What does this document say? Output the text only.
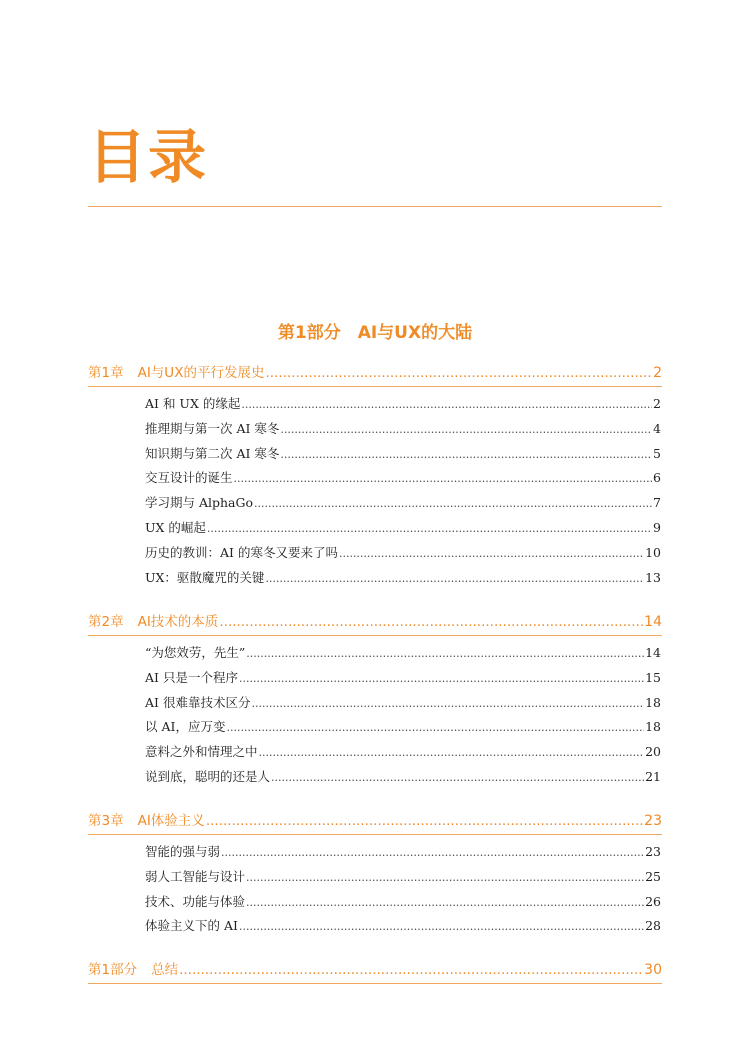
目录
第1部分　AI与UX的大陆
第1章 AI与UX的平行发展史 .....	2
AI 和 UX 的缘起 .....	2
推理期与第一次 AI 寒冬 .....	4
知识期与第二次 AI 寒冬 .....	5
交互设计的诞生 .....	6
学习期与 AlphaGo .....	7
UX 的崛起 .....	9
历史的教训：AI 的寒冬又要来了吗 .....	10
UX：驱散魔咒的关键 .....	13
第2章 AI技术的本质 .....	14
“为您效劳，先生” .....	14
AI 只是一个程序 .....	15
AI 很难靠技术区分 .....	18
以 AI，应万变 .....	18
意料之外和情理之中 .....	20
说到底，聪明的还是人 .....	21
第3章 AI体验主义 .....	23
智能的强与弱 .....	23
弱人工智能与设计 .....	25
技术、功能与体验 .....	26
体验主义下的 AI .....	28
第1部分 总结 .....	30
